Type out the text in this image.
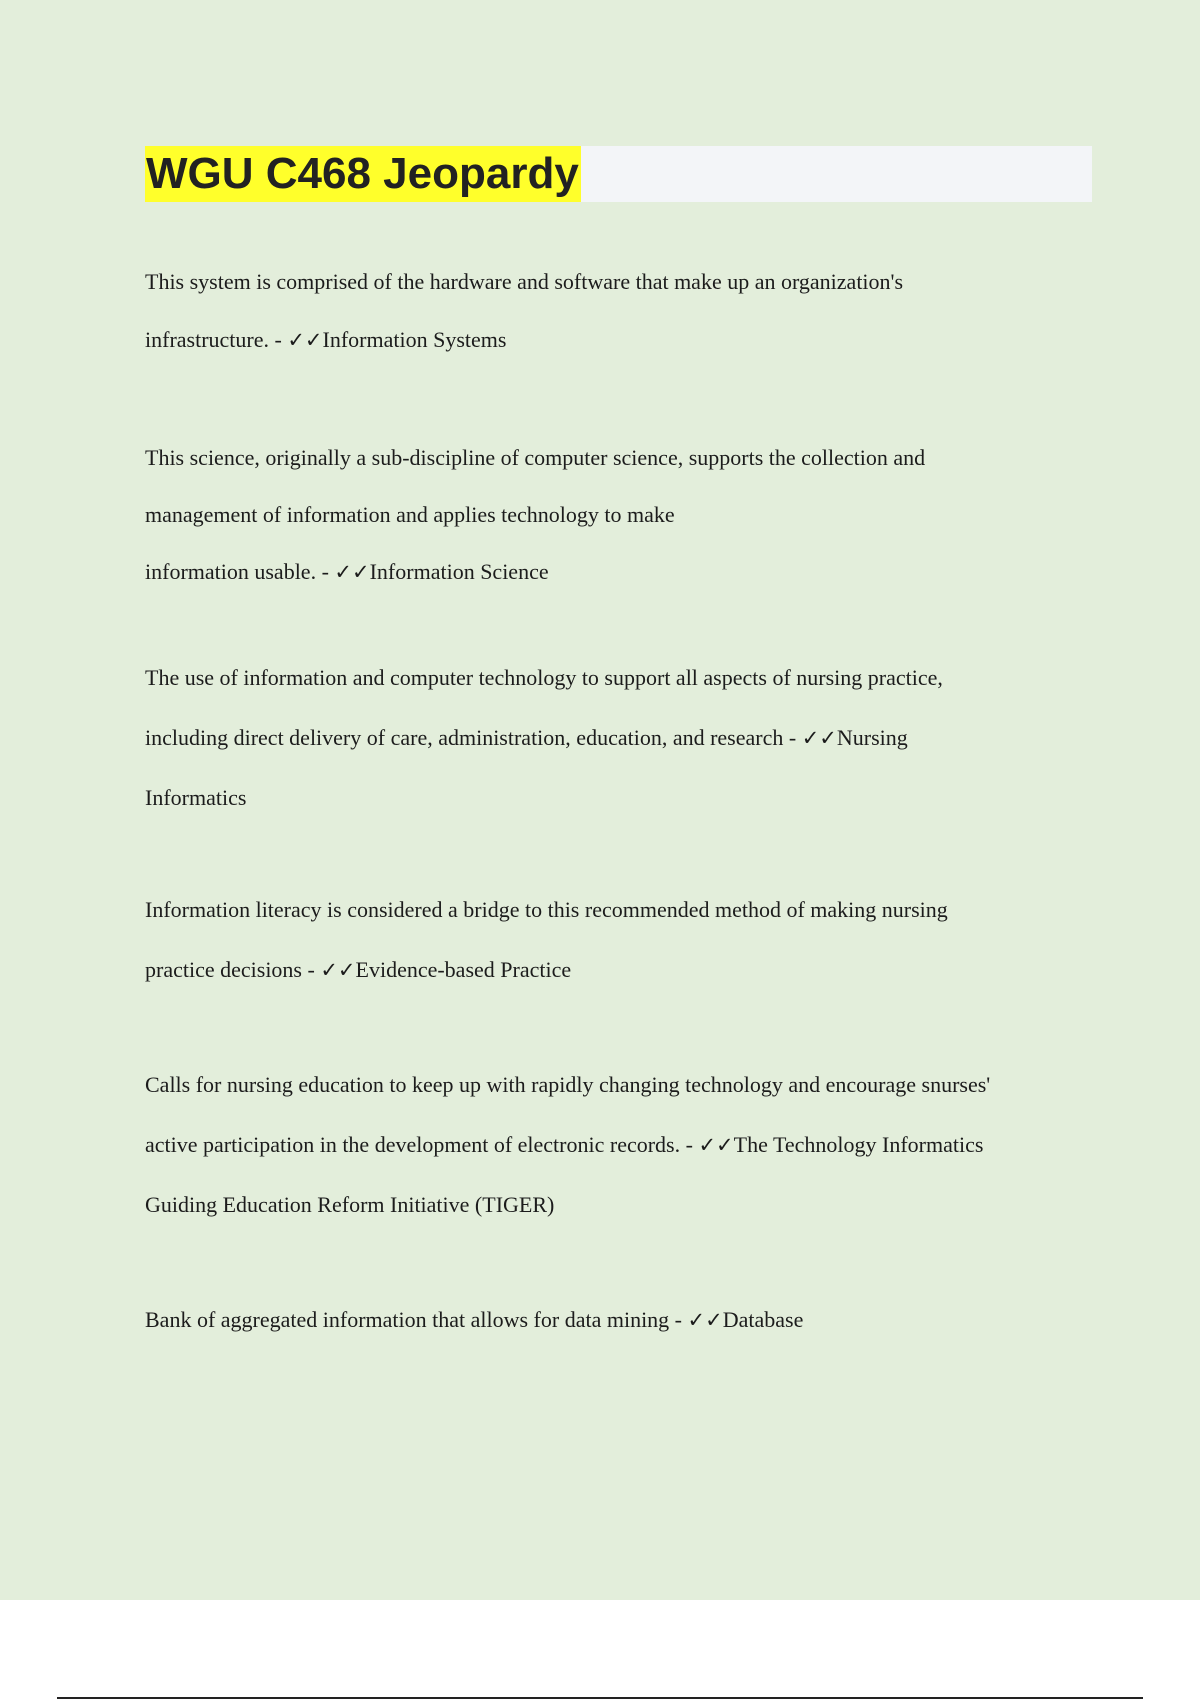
WGU C468 Jeopardy

This system is comprised of the hardware and software that make up an organization's
infrastructure. - ✓✓Information Systems

This science, originally a sub-discipline of computer science, supports the collection and
management of information and applies technology to make
information usable. - ✓✓Information Science

The use of information and computer technology to support all aspects of nursing practice,
including direct delivery of care, administration, education, and research - ✓✓Nursing
Informatics

Information literacy is considered a bridge to this recommended method of making nursing
practice decisions - ✓✓Evidence-based Practice

Calls for nursing education to keep up with rapidly changing technology and encourage snurses'
active participation in the development of electronic records. - ✓✓The Technology Informatics
Guiding Education Reform Initiative (TIGER)

Bank of aggregated information that allows for data mining - ✓✓Database
